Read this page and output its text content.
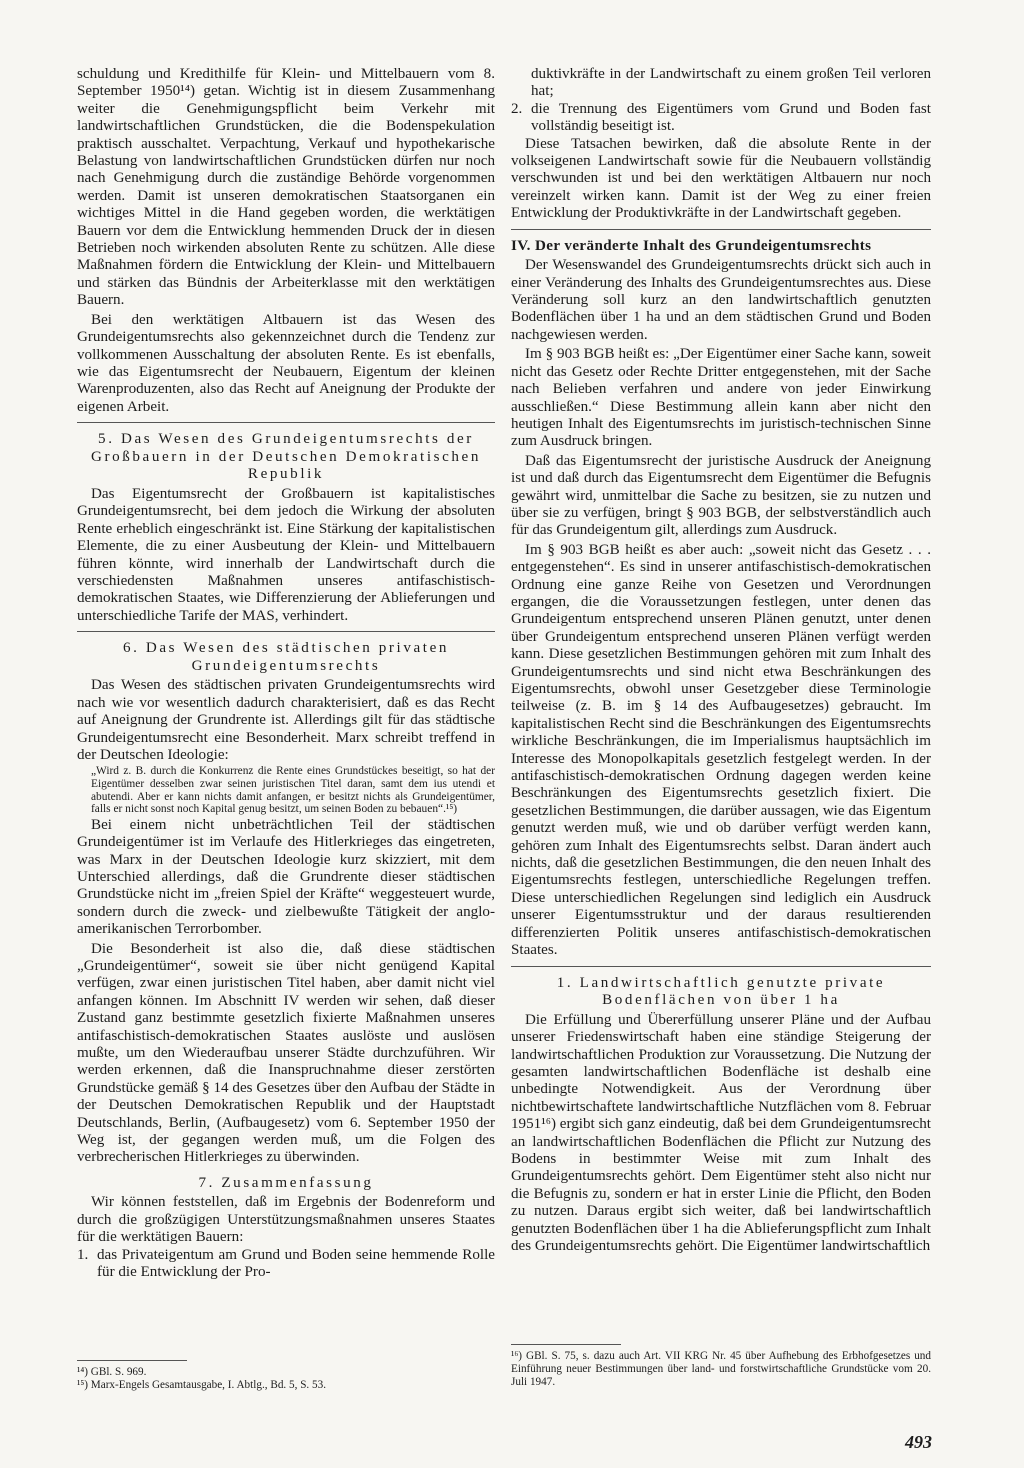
schuldung und Kredithilfe für Klein- und Mittelbauern vom 8. September 1950¹⁴) getan. Wichtig ist in diesem Zusammenhang weiter die Genehmigungspflicht beim Verkehr mit landwirtschaftlichen Grundstücken, die die Bodenspekulation praktisch ausschaltet. Verpachtung, Verkauf und hypothekarische Belastung von landwirtschaftlichen Grundstücken dürfen nur noch nach Genehmigung durch die zuständige Behörde vorgenommen werden. Damit ist unseren demokratischen Staatsorganen ein wichtiges Mittel in die Hand gegeben worden, die werktätigen Bauern vor dem die Entwicklung hemmenden Druck der in diesen Betrieben noch wirkenden absoluten Rente zu schützen. Alle diese Maßnahmen fördern die Entwicklung der Klein- und Mittelbauern und stärken das Bündnis der Arbeiterklasse mit den werktätigen Bauern.

Bei den werktätigen Altbauern ist das Wesen des Grundeigentumsrechts also gekennzeichnet durch die Tendenz zur vollkommenen Ausschaltung der absoluten Rente. Es ist ebenfalls, wie das Eigentumsrecht der Neubauern, Eigentum der kleinen Warenproduzenten, also das Recht auf Aneignung der Produkte der eigenen Arbeit.

5. Das Wesen des Grundeigentumsrechts der Großbauern in der Deutschen Demokratischen Republik

Das Eigentumsrecht der Großbauern ist kapitalistisches Grundeigentumsrecht, bei dem jedoch die Wirkung der absoluten Rente erheblich eingeschränkt ist. Eine Stärkung der kapitalistischen Elemente, die zu einer Ausbeutung der Klein- und Mittelbauern führen könnte, wird innerhalb der Landwirtschaft durch die verschiedensten Maßnahmen unseres antifaschistisch-demokratischen Staates, wie Differenzierung der Ablieferungen und unterschiedliche Tarife der MAS, verhindert.

6. Das Wesen des städtischen privaten Grundeigentumsrechts

Das Wesen des städtischen privaten Grundeigentumsrechts wird nach wie vor wesentlich dadurch charakterisiert, daß es das Recht auf Aneignung der Grundrente ist. Allerdings gilt für das städtische Grundeigentumsrecht eine Besonderheit. Marx schreibt treffend in der Deutschen Ideologie:

„Wird z. B. durch die Konkurrenz die Rente eines Grundstückes beseitigt, so hat der Eigentümer desselben zwar seinen juristischen Titel daran, samt dem ius utendi et abutendi. Aber er kann nichts damit anfangen, er besitzt nichts als Grundeigentümer, falls er nicht sonst noch Kapital genug besitzt, um seinen Boden zu bebauen“.¹⁵)

Bei einem nicht unbeträchtlichen Teil der städtischen Grundeigentümer ist im Verlaufe des Hitlerkrieges das eingetreten, was Marx in der Deutschen Ideologie kurz skizziert, mit dem Unterschied allerdings, daß die Grundrente dieser städtischen Grundstücke nicht im „freien Spiel der Kräfte“ weggesteuert wurde, sondern durch die zweck- und zielbewußte Tätigkeit der anglo-amerikanischen Terrorbomber.

Die Besonderheit ist also die, daß diese städtischen „Grundeigentümer“, soweit sie über nicht genügend Kapital verfügen, zwar einen juristischen Titel haben, aber damit nicht viel anfangen können. Im Abschnitt IV werden wir sehen, daß dieser Zustand ganz bestimmte gesetzlich fixierte Maßnahmen unseres antifaschistisch-demokratischen Staates auslöste und auslösen mußte, um den Wiederaufbau unserer Städte durchzuführen. Wir werden erkennen, daß die Inanspruchnahme dieser zerstörten Grundstücke gemäß § 14 des Gesetzes über den Aufbau der Städte in der Deutschen Demokratischen Republik und der Hauptstadt Deutschlands, Berlin, (Aufbaugesetz) vom 6. September 1950 der Weg ist, der gegangen werden muß, um die Folgen des verbrecherischen Hitlerkrieges zu überwinden.

7. Zusammenfassung

Wir können feststellen, daß im Ergebnis der Bodenreform und durch die großzügigen Unterstützungsmaßnahmen unseres Staates für die werktätigen Bauern:

1. das Privateigentum am Grund und Boden seine hemmende Rolle für die Entwicklung der Pro-
¹⁴) GBl. S. 969.
¹⁵) Marx-Engels Gesamtausgabe, I. Abtlg., Bd. 5, S. 53.
duktivkräfte in der Landwirtschaft zu einem großen Teil verloren hat;
2. die Trennung des Eigentümers vom Grund und Boden fast vollständig beseitigt ist.

Diese Tatsachen bewirken, daß die absolute Rente in der volkseigenen Landwirtschaft sowie für die Neubauern vollständig verschwunden ist und bei den werktätigen Altbauern nur noch vereinzelt wirken kann. Damit ist der Weg zu einer freien Entwicklung der Produktivkräfte in der Landwirtschaft gegeben.

IV. Der veränderte Inhalt des Grundeigentumsrechts

Der Wesenswandel des Grundeigentumsrechts drückt sich auch in einer Veränderung des Inhalts des Grundeigentumsrechtes aus. Diese Veränderung soll kurz an den landwirtschaftlich genutzten Bodenflächen über 1 ha und an dem städtischen Grund und Boden nachgewiesen werden.

Im § 903 BGB heißt es: „Der Eigentümer einer Sache kann, soweit nicht das Gesetz oder Rechte Dritter entgegenstehen, mit der Sache nach Belieben verfahren und andere von jeder Einwirkung ausschließen.“ Diese Bestimmung allein kann aber nicht den heutigen Inhalt des Eigentumsrechts im juristisch-technischen Sinne zum Ausdruck bringen.

Daß das Eigentumsrecht der juristische Ausdruck der Aneignung ist und daß durch das Eigentumsrecht dem Eigentümer die Befugnis gewährt wird, unmittelbar die Sache zu besitzen, sie zu nutzen und über sie zu verfügen, bringt § 903 BGB, der selbstverständlich auch für das Grundeigentum gilt, allerdings zum Ausdruck.

Im § 903 BGB heißt es aber auch: „soweit nicht das Gesetz . . . entgegenstehen“. Es sind in unserer antifaschistisch-demokratischen Ordnung eine ganze Reihe von Gesetzen und Verordnungen ergangen, die die Voraussetzungen festlegen, unter denen das Grundeigentum entsprechend unseren Plänen genutzt, unter denen über Grundeigentum entsprechend unseren Plänen verfügt werden kann. Diese gesetzlichen Bestimmungen gehören mit zum Inhalt des Grundeigentumsrechts und sind nicht etwa Beschränkungen des Eigentumsrechts, obwohl unser Gesetzgeber diese Terminologie teilweise (z. B. im § 14 des Aufbaugesetzes) gebraucht. Im kapitalistischen Recht sind die Beschränkungen des Eigentumsrechts wirkliche Beschränkungen, die im Imperialismus hauptsächlich im Interesse des Monopolkapitals gesetzlich festgelegt werden. In der antifaschistisch-demokratischen Ordnung dagegen werden keine Beschränkungen des Eigentumsrechts gesetzlich fixiert. Die gesetzlichen Bestimmungen, die darüber aussagen, wie das Eigentum genutzt werden muß, wie und ob darüber verfügt werden kann, gehören zum Inhalt des Eigentumsrechts selbst. Daran ändert auch nichts, daß die gesetzlichen Bestimmungen, die den neuen Inhalt des Eigentumsrechts festlegen, unterschiedliche Regelungen treffen. Diese unterschiedlichen Regelungen sind lediglich ein Ausdruck unserer Eigentumsstruktur und der daraus resultierenden differenzierten Politik unseres antifaschistisch-demokratischen Staates.

1. Landwirtschaftlich genutzte private Bodenflächen von über 1 ha

Die Erfüllung und Übererfüllung unserer Pläne und der Aufbau unserer Friedenswirtschaft haben eine ständige Steigerung der landwirtschaftlichen Produktion zur Voraussetzung. Die Nutzung der gesamten landwirtschaftlichen Bodenfläche ist deshalb eine unbedingte Notwendigkeit. Aus der Verordnung über nichtbewirtschaftete landwirtschaftliche Nutzflächen vom 8. Februar 1951¹⁶) ergibt sich ganz eindeutig, daß bei dem Grundeigentumsrecht an landwirtschaftlichen Bodenflächen die Pflicht zur Nutzung des Bodens in bestimmter Weise mit zum Inhalt des Grundeigentumsrechts gehört. Dem Eigentümer steht also nicht nur die Befugnis zu, sondern er hat in erster Linie die Pflicht, den Boden zu nutzen. Daraus ergibt sich weiter, daß bei landwirtschaftlich genutzten Bodenflächen über 1 ha die Ablieferungspflicht zum Inhalt des Grundeigentumsrechts gehört. Die Eigentümer landwirtschaftlich

¹⁶) GBl. S. 75, s. dazu auch Art. VII KRG Nr. 45 über Aufhebung des Erbhofgesetzes und Einführung neuer Bestimmungen über land- und forstwirtschaftliche Grundstücke vom 20. Juli 1947.
493
